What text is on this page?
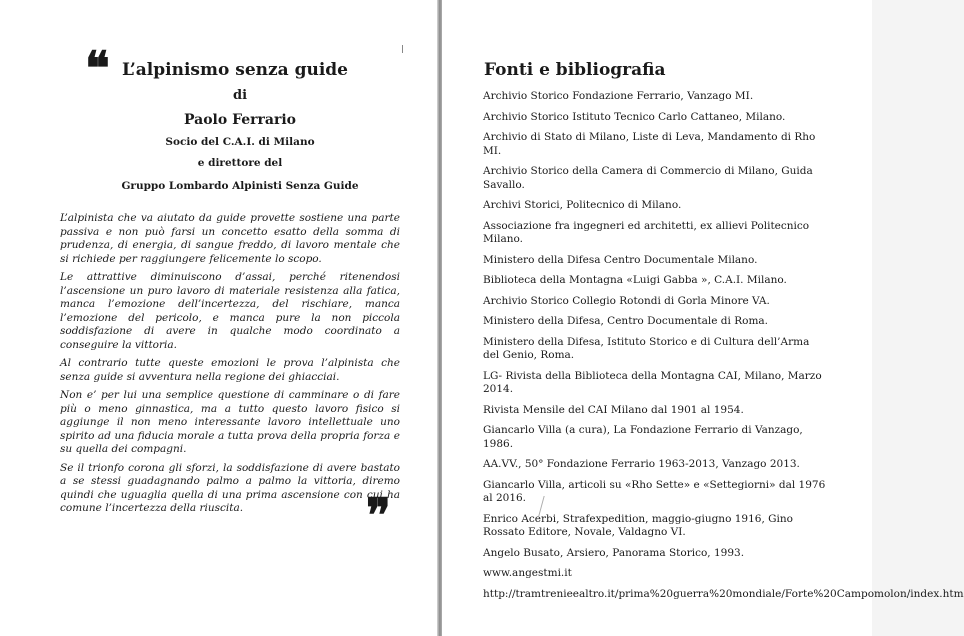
❝ L’alpinismo senza guide
di
Paolo Ferrario
Socio del C.A.I. di Milano
e direttore del
Gruppo Lombardo Alpinisti Senza Guide

L’alpinista che va aiutato da guide provette sostiene una parte passiva e non può farsi un concetto esatto della somma di prudenza, di energia, di sangue freddo, di lavoro mentale che si richiede per raggiungere felicemente lo scopo.

Le attrattive diminuiscono d’assai, perché ritenendosi l’ascensione un puro lavoro di materiale resistenza alla fatica, manca l’emozione dell’incertezza, del rischiare, manca l’emozione del pericolo, e manca pure la non piccola soddisfazione di avere in qualche modo coordinato a conseguire la vittoria.

Al contrario tutte queste emozioni le prova l’alpinista che senza guide si avventura nella regione dei ghiacciai.

Non e’ per lui una semplice questione di camminare o di fare più o meno ginnastica, ma a tutto questo lavoro fisico si aggiunge il non meno interessante lavoro intellettuale uno spirito ad una fiducia morale a tutta prova della propria forza e su quella dei compagni.

Se il trionfo corona gli sforzi, la soddisfazione di avere bastato a se stessi guadagnando palmo a palmo la vittoria, diremo quindi che uguaglia quella di una prima ascensione con cui ha comune l’incertezza della riuscita.	❞
Fonti e bibliografia
Archivio Storico Fondazione Ferrario, Vanzago MI.
Archivio Storico Istituto Tecnico Carlo Cattaneo, Milano.
Archivio di Stato di Milano, Liste di Leva, Mandamento di Rho MI.
Archivio Storico della Camera di Commercio di Milano, Guida Savallo.
Archivi Storici, Politecnico di Milano.
Associazione fra ingegneri ed architetti, ex allievi Politecnico Milano.
Ministero della Difesa Centro Documentale Milano.
Biblioteca della Montagna «Luigi Gabba », C.A.I. Milano.
Archivio Storico Collegio Rotondi di Gorla Minore VA.
Ministero della Difesa, Centro Documentale di Roma.
Ministero della Difesa, Istituto Storico e di Cultura dell’Arma del Genio, Roma.
LG- Rivista della Biblioteca della Montagna CAI, Milano, Marzo 2014.
Rivista Mensile del CAI Milano dal 1901 al 1954.
Giancarlo Villa (a cura), La Fondazione Ferrario di Vanzago, 1986.
AA.VV., 50° Fondazione Ferrario 1963-2013, Vanzago 2013.
Giancarlo Villa, articoli su «Rho Sette» e «Settegiorni» dal 1976 al 2016.
Enrico Acerbi, Strafexpedition, maggio-giugno 1916, Gino Rossato Editore, Novale, Valdagno VI.
Angelo Busato, Arsiero, Panorama Storico, 1993.
www.angestmi.it
http://tramtrenieealtro.it/prima%20guerra%20mondiale/Forte%20Campomolon/index.htm
